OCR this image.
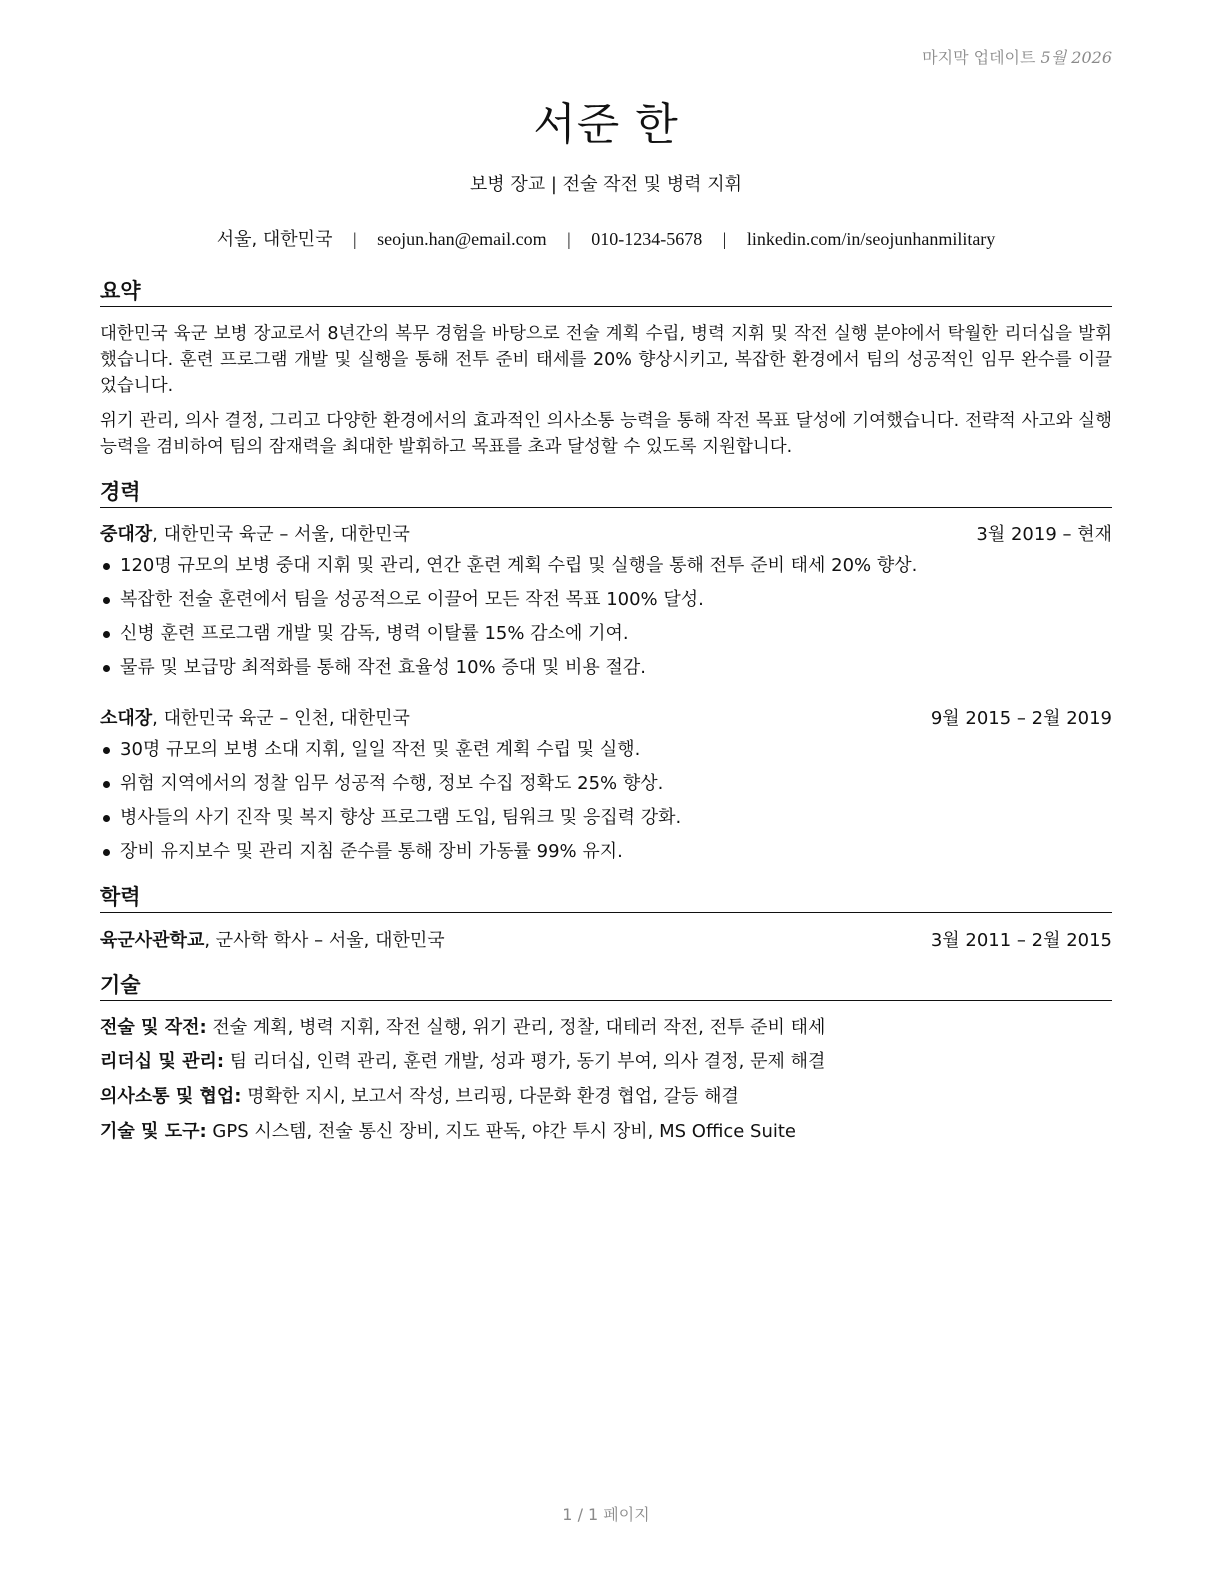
마지막 업데이트 5월 2026
서준 한
보병 장교 | 전술 작전 및 병력 지휘
서울, 대한민국 | seojun.han@email.com | 010-1234-5678 | linkedin.com/in/seojunhanmilitary
요약
대한민국 육군 보병 장교로서 8년간의 복무 경험을 바탕으로 전술 계획 수립, 병력 지휘 및 작전 실행 분야에서 탁월한 리더십을 발휘했습니다. 훈련 프로그램 개발 및 실행을 통해 전투 준비 태세를 20% 향상시키고, 복잡한 환경에서 팀의 성공적인 임무 완수를 이끌었습니다.
위기 관리, 의사 결정, 그리고 다양한 환경에서의 효과적인 의사소통 능력을 통해 작전 목표 달성에 기여했습니다. 전략적 사고와 실행 능력을 겸비하여 팀의 잠재력을 최대한 발휘하고 목표를 초과 달성할 수 있도록 지원합니다.
경력
중대장, 대한민국 육군 – 서울, 대한민국	3월 2019 – 현재
120명 규모의 보병 중대 지휘 및 관리, 연간 훈련 계획 수립 및 실행을 통해 전투 준비 태세 20% 향상.
복잡한 전술 훈련에서 팀을 성공적으로 이끌어 모든 작전 목표 100% 달성.
신병 훈련 프로그램 개발 및 감독, 병력 이탈률 15% 감소에 기여.
물류 및 보급망 최적화를 통해 작전 효율성 10% 증대 및 비용 절감.
소대장, 대한민국 육군 – 인천, 대한민국	9월 2015 – 2월 2019
30명 규모의 보병 소대 지휘, 일일 작전 및 훈련 계획 수립 및 실행.
위험 지역에서의 정찰 임무 성공적 수행, 정보 수집 정확도 25% 향상.
병사들의 사기 진작 및 복지 향상 프로그램 도입, 팀워크 및 응집력 강화.
장비 유지보수 및 관리 지침 준수를 통해 장비 가동률 99% 유지.
학력
육군사관학교, 군사학 학사 – 서울, 대한민국	3월 2011 – 2월 2015
기술
전술 및 작전: 전술 계획, 병력 지휘, 작전 실행, 위기 관리, 정찰, 대테러 작전, 전투 준비 태세
리더십 및 관리: 팀 리더십, 인력 관리, 훈련 개발, 성과 평가, 동기 부여, 의사 결정, 문제 해결
의사소통 및 협업: 명확한 지시, 보고서 작성, 브리핑, 다문화 환경 협업, 갈등 해결
기술 및 도구: GPS 시스템, 전술 통신 장비, 지도 판독, 야간 투시 장비, MS Office Suite
1 / 1 페이지
